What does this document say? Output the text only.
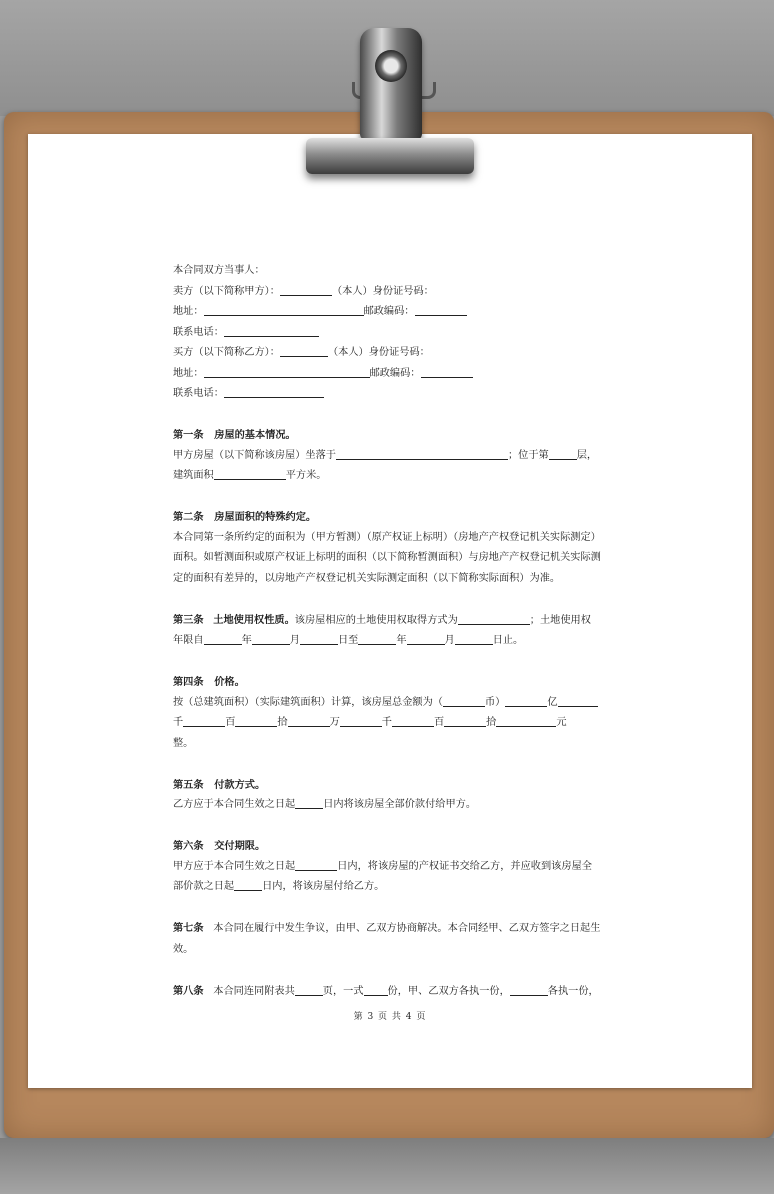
本合同双方当事人：
卖方（以下简称甲方）：	（本人）身份证号码：
地址：	邮政编码：
联系电话：
买方（以下简称乙方）：	（本人）身份证号码：
地址：	邮政编码：
联系电话：
第一条 房屋的基本情况。
甲方房屋（以下简称该房屋）坐落于	；位于第	层，
建筑面积	平方米。
第二条 房屋面积的特殊约定。
本合同第一条所约定的面积为（甲方暂测）（原产权证上标明）（房地产产权登记机关实际测定）
面积。如暂测面积或原产权证上标明的面积（以下简称暂测面积）与房地产产权登记机关实际测
定的面积有差异的，以房地产产权登记机关实际测定面积（以下简称实际面积）为准。
第三条 土地使用权性质。该房屋相应的土地使用权取得方式为	；土地使用权
年限自	年	月	日至	年	月	日止。
第四条 价格。
按（总建筑面积）（实际建筑面积）计算，该房屋总金额为（	币）	亿
千	百	拾	万	千	百	拾	元
整。
第五条 付款方式。
乙方应于本合同生效之日起	日内将该房屋全部价款付给甲方。
第六条 交付期限。
甲方应于本合同生效之日起	日内，将该房屋的产权证书交给乙方，并应收到该房屋全
部价款之日起	日内，将该房屋付给乙方。
第七条 本合同在履行中发生争议，由甲、乙双方协商解决。本合同经甲、乙双方签字之日起生
效。
第八条 本合同连同附表共	页，一式 份，甲、乙双方各执一份，	各执一份，
第 3 页 共 4 页
